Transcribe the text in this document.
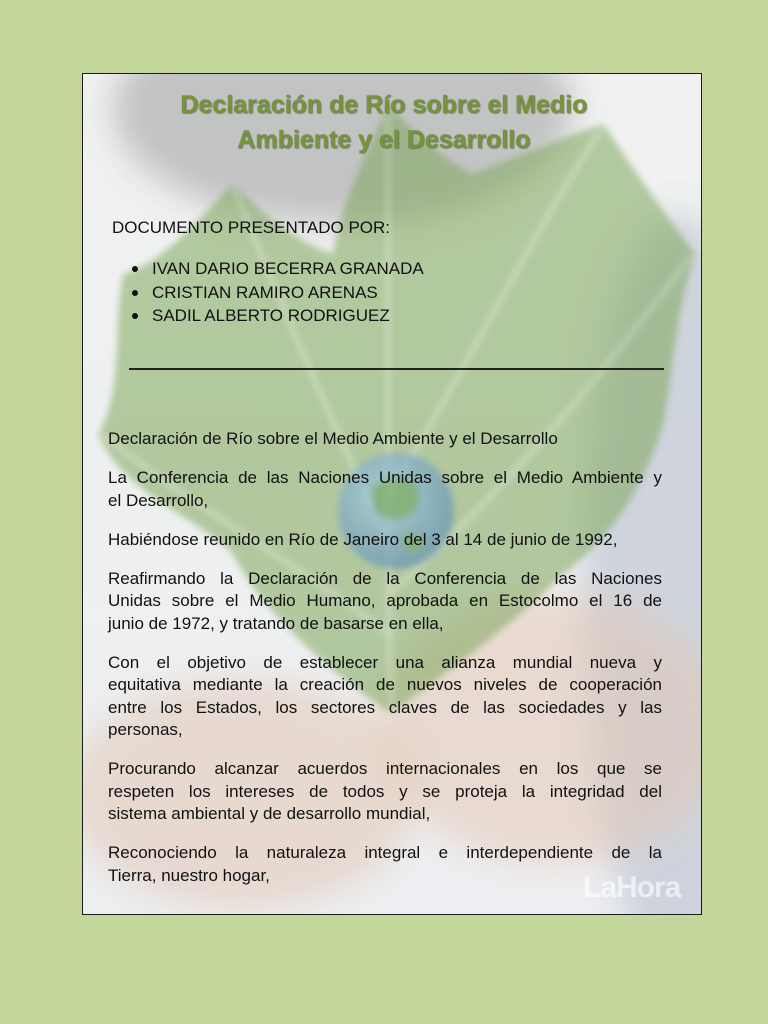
Declaración de Río sobre el Medio
Ambiente y el Desarrollo
DOCUMENTO PRESENTADO POR:
IVAN DARIO BECERRA GRANADA
CRISTIAN RAMIRO ARENAS
SADIL ALBERTO RODRIGUEZ

Declaración de Río sobre el Medio Ambiente y el Desarrollo

La Conferencia de las Naciones Unidas sobre el Medio Ambiente y
el Desarrollo,

Habiéndose reunido en Río de Janeiro del 3 al 14 de junio de 1992,

Reafirmando la Declaración de la Conferencia de las Naciones
Unidas sobre el Medio Humano, aprobada en Estocolmo el 16 de
junio de 1972, y tratando de basarse en ella,

Con el objetivo de establecer una alianza mundial nueva y
equitativa mediante la creación de nuevos niveles de cooperación
entre los Estados, los sectores claves de las sociedades y las
personas,

Procurando alcanzar acuerdos internacionales en los que se
respeten los intereses de todos y se proteja la integridad del
sistema ambiental y de desarrollo mundial,

Reconociendo la naturaleza integral e interdependiente de la
Tierra, nuestro hogar,	LaHora
